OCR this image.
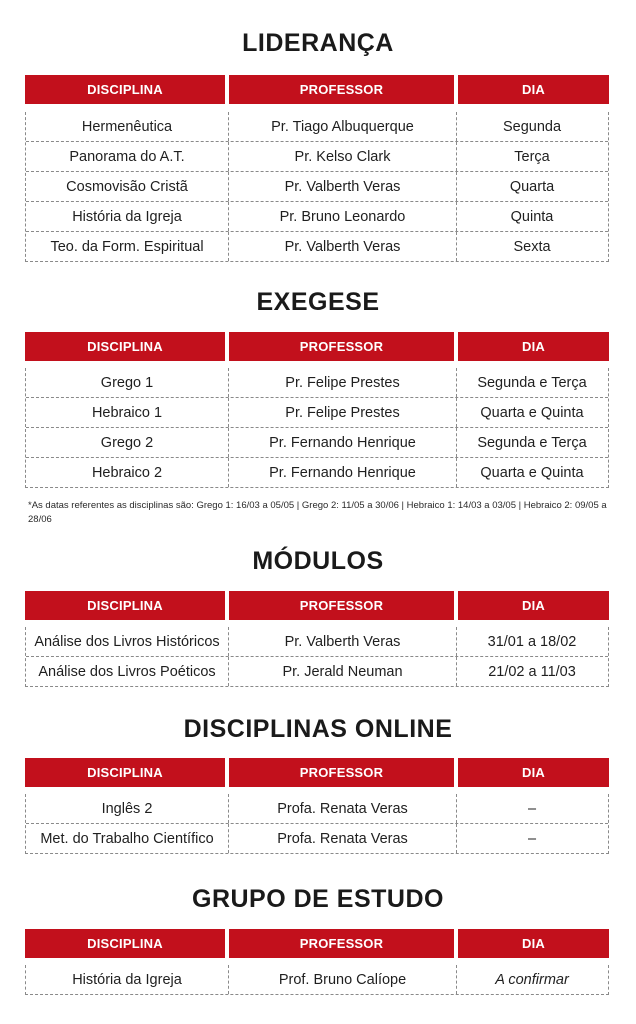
LIDERANÇA
DISCIPLINA	PROFESSOR	DIA
Hermenêutica	Pr. Tiago Albuquerque	Segunda
Panorama do A.T.	Pr. Kelso Clark	Terça
Cosmovisão Cristã	Pr. Valberth Veras	Quarta
História da Igreja	Pr. Bruno Leonardo	Quinta
Teo. da Form. Espiritual	Pr. Valberth Veras	Sexta
EXEGESE
DISCIPLINA	PROFESSOR	DIA
Grego 1	Pr. Felipe Prestes	Segunda e Terça
Hebraico 1	Pr. Felipe Prestes	Quarta e Quinta
Grego 2	Pr. Fernando Henrique	Segunda e Terça
Hebraico 2	Pr. Fernando Henrique	Quarta e Quinta
*As datas referentes as disciplinas são: Grego 1: 16/03 a 05/05 | Grego 2: 11/05 a 30/06 | Hebraico 1: 14/03 a 03/05 | Hebraico 2: 09/05 a 28/06
MÓDULOS
DISCIPLINA	PROFESSOR	DIA
Análise dos Livros Históricos	Pr. Valberth Veras	31/01 a 18/02
Análise dos Livros Poéticos	Pr. Jerald Neuman	21/02 a 11/03
DISCIPLINAS ONLINE
DISCIPLINA	PROFESSOR	DIA
Inglês 2	Profa. Renata Veras	–
Met. do Trabalho Científico	Profa. Renata Veras	–
GRUPO DE ESTUDO
DISCIPLINA	PROFESSOR	DIA
História da Igreja	Prof. Bruno Calíope	A confirmar
